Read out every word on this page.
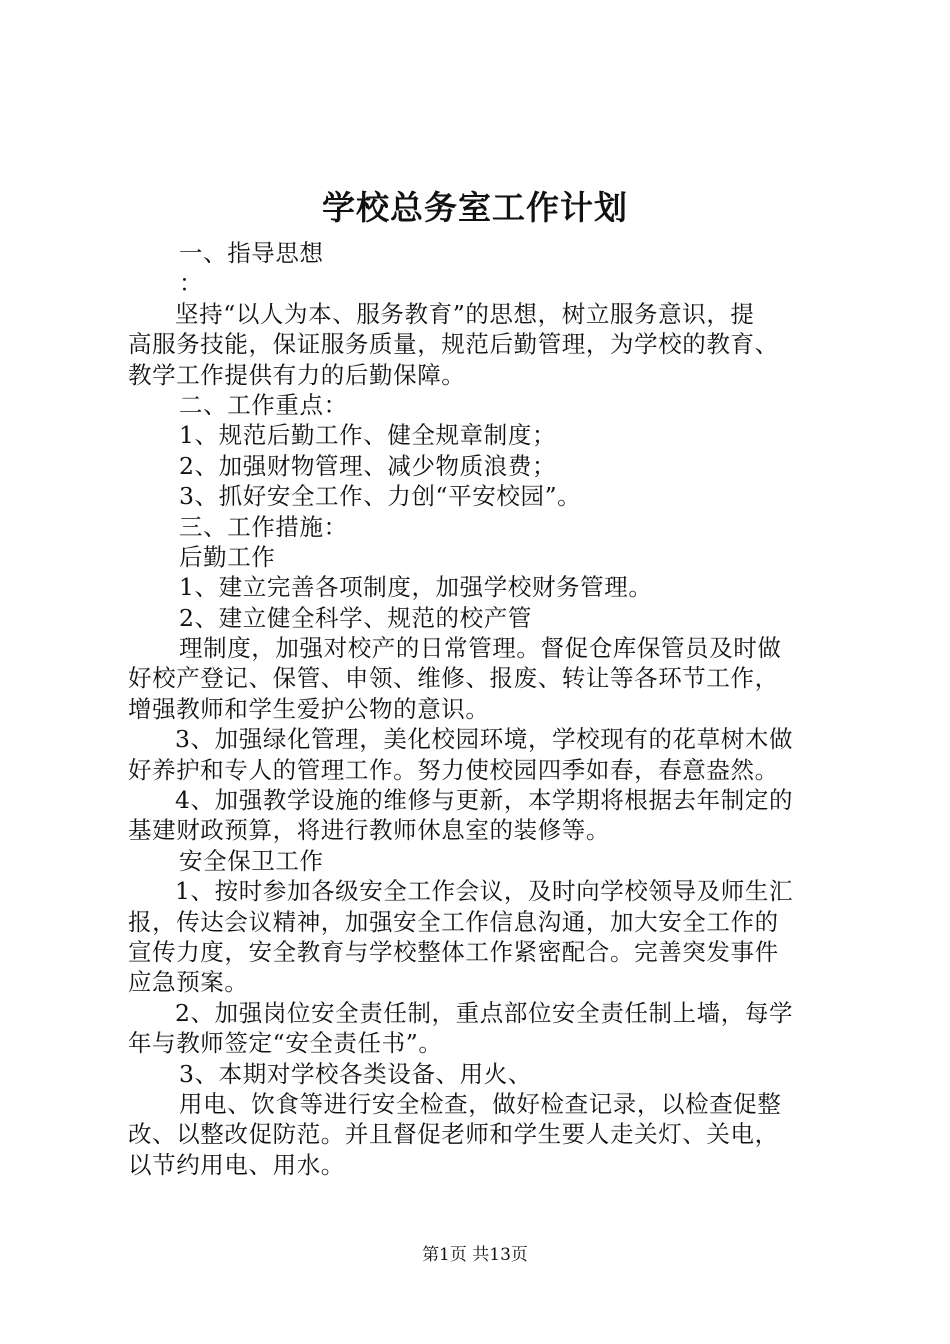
学校总务室工作计划
一、指导思想
：
坚持“以人为本、服务教育”的思想，树立服务意识，提
高服务技能，保证服务质量，规范后勤管理，为学校的教育、
教学工作提供有力的后勤保障。
二、工作重点：
1、规范后勤工作、健全规章制度；
2、加强财物管理、减少物质浪费；
3、抓好安全工作、力创“平安校园”。
三、工作措施：
后勤工作
1、建立完善各项制度，加强学校财务管理。
2、建立健全科学、规范的校产管
理制度，加强对校产的日常管理。督促仓库保管员及时做
好校产登记、保管、申领、维修、报废、转让等各环节工作，
增强教师和学生爱护公物的意识。
3、加强绿化管理，美化校园环境，学校现有的花草树木做
好养护和专人的管理工作。努力使校园四季如春，春意盎然。
4、加强教学设施的维修与更新，本学期将根据去年制定的
基建财政预算，将进行教师休息室的装修等。
安全保卫工作
1、按时参加各级安全工作会议，及时向学校领导及师生汇
报，传达会议精神，加强安全工作信息沟通，加大安全工作的
宣传力度，安全教育与学校整体工作紧密配合。完善突发事件
应急预案。
2、加强岗位安全责任制，重点部位安全责任制上墙，每学
年与教师签定“安全责任书”。
3、本期对学校各类设备、用火、
用电、饮食等进行安全检查，做好检查记录，以检查促整
改、以整改促防范。并且督促老师和学生要人走关灯、关电，
以节约用电、用水。
第1页 共13页
